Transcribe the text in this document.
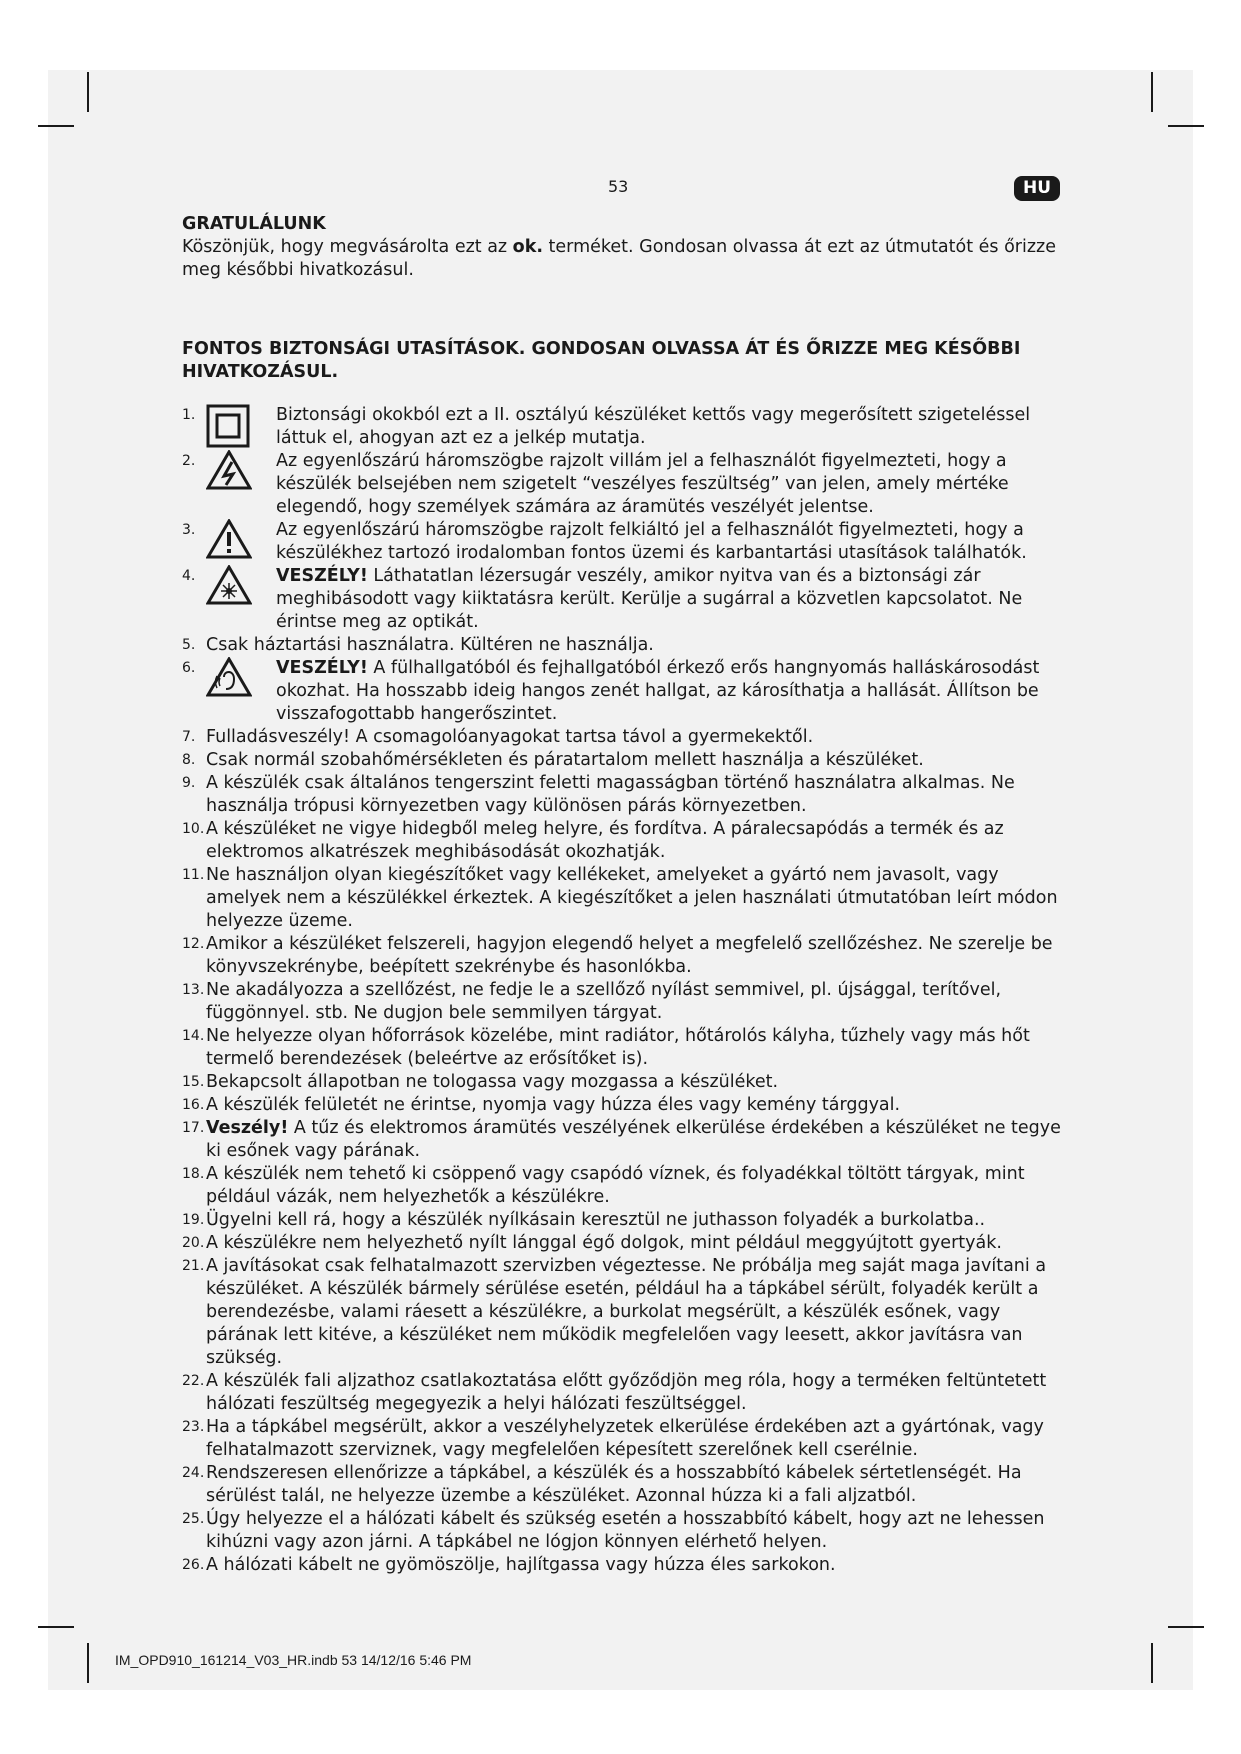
53	HU
GRATULÁLUNK

Köszönjük, hogy megvásárolta ezt az ok. terméket. Gondosan olvassa át ezt az útmutatót és őrizze meg későbbi hivatkozásul.

FONTOS BIZTONSÁGI UTASÍTÁSOK. GONDOSAN OLVASSA ÁT ÉS ŐRIZZE MEG KÉSŐBBI HIVATKOZÁSUL.
1.	Biztonsági okokból ezt a II. osztályú készüléket kettős vagy megerősített szigeteléssel láttuk el, ahogyan azt ez a jelkép mutatja.
2.	Az egyenlőszárú háromszögbe rajzolt villám jel a felhasználót figyelmezteti, hogy a készülék belsejében nem szigetelt “veszélyes feszültség” van jelen, amely mértéke elegendő, hogy személyek számára az áramütés veszélyét jelentse.
3.	Az egyenlőszárú háromszögbe rajzolt felkiáltó jel a felhasználót figyelmezteti, hogy a készülékhez tartozó irodalomban fontos üzemi és karbantartási utasítások találhatók.
4.	VESZÉLY! Láthatatlan lézersugár veszély, amikor nyitva van és a biztonsági zár meghibásodott vagy kiiktatásra került. Kerülje a sugárral a közvetlen kapcsolatot. Ne érintse meg az optikát.
5. Csak háztartási használatra. Kültéren ne használja.
6.	VESZÉLY! A fülhallgatóból és fejhallgatóból érkező erős hangnyomás halláskárosodást okozhat. Ha hosszabb ideig hangos zenét hallgat, az károsíthatja a hallását. Állítson be visszafogottabb hangerőszintet.
7. Fulladásveszély! A csomagolóanyagokat tartsa távol a gyermekektől.
8. Csak normál szobahőmérsékleten és páratartalom mellett használja a készüléket.
9. A készülék csak általános tengerszint feletti magasságban történő használatra alkalmas. Ne használja trópusi környezetben vagy különösen párás környezetben.
10. A készüléket ne vigye hidegből meleg helyre, és fordítva. A páralecsapódás a termék és az elektromos alkatrészek meghibásodását okozhatják.
11. Ne használjon olyan kiegészítőket vagy kellékeket, amelyeket a gyártó nem javasolt, vagy amelyek nem a készülékkel érkeztek. A kiegészítőket a jelen használati útmutatóban leírt módon helyezze üzeme.
12. Amikor a készüléket felszereli, hagyjon elegendő helyet a megfelelő szellőzéshez. Ne szerelje be könyvszekrénybe, beépített szekrénybe és hasonlókba.
13. Ne akadályozza a szellőzést, ne fedje le a szellőző nyílást semmivel, pl. újsággal, terítővel, függönnyel. stb. Ne dugjon bele semmilyen tárgyat.
14. Ne helyezze olyan hőforrások közelébe, mint radiátor, hőtárolós kályha, tűzhely vagy más hőt termelő berendezések (beleértve az erősítőket is).
15. Bekapcsolt állapotban ne tologassa vagy mozgassa a készüléket.
16. A készülék felületét ne érintse, nyomja vagy húzza éles vagy kemény tárggyal.
17. Veszély! A tűz és elektromos áramütés veszélyének elkerülése érdekében a készüléket ne tegye ki esőnek vagy párának.
18. A készülék nem tehető ki csöppenő vagy csapódó víznek, és folyadékkal töltött tárgyak, mint például vázák, nem helyezhetők a készülékre.
19. Ügyelni kell rá, hogy a készülék nyílkásain keresztül ne juthasson folyadék a burkolatba..
20. A készülékre nem helyezhető nyílt lánggal égő dolgok, mint például meggyújtott gyertyák.
21. A javításokat csak felhatalmazott szervizben végeztesse. Ne próbálja meg saját maga javítani a készüléket. A készülék bármely sérülése esetén, például ha a tápkábel sérült, folyadék került a berendezésbe, valami ráesett a készülékre, a burkolat megsérült, a készülék esőnek, vagy párának lett kitéve, a készüléket nem működik megfelelően vagy leesett, akkor javításra van szükség.
22. A készülék fali aljzathoz csatlakoztatása előtt győződjön meg róla, hogy a terméken feltüntetett hálózati feszültség megegyezik a helyi hálózati feszültséggel.
23. Ha a tápkábel megsérült, akkor a veszélyhelyzetek elkerülése érdekében azt a gyártónak, vagy felhatalmazott szerviznek, vagy megfelelően képesített szerelőnek kell cserélnie.
24. Rendszeresen ellenőrizze a tápkábel, a készülék és a hosszabbító kábelek sértetlenségét. Ha sérülést talál, ne helyezze üzembe a készüléket. Azonnal húzza ki a fali aljzatból.
25. Úgy helyezze el a hálózati kábelt és szükség esetén a hosszabbító kábelt, hogy azt ne lehessen kihúzni vagy azon járni. A tápkábel ne lógjon könnyen elérhető helyen.
26. A hálózati kábelt ne gyömöszölje, hajlítgassa vagy húzza éles sarkokon.
IM_OPD910_161214_V03_HR.indb 53 14/12/16 5:46 PM
